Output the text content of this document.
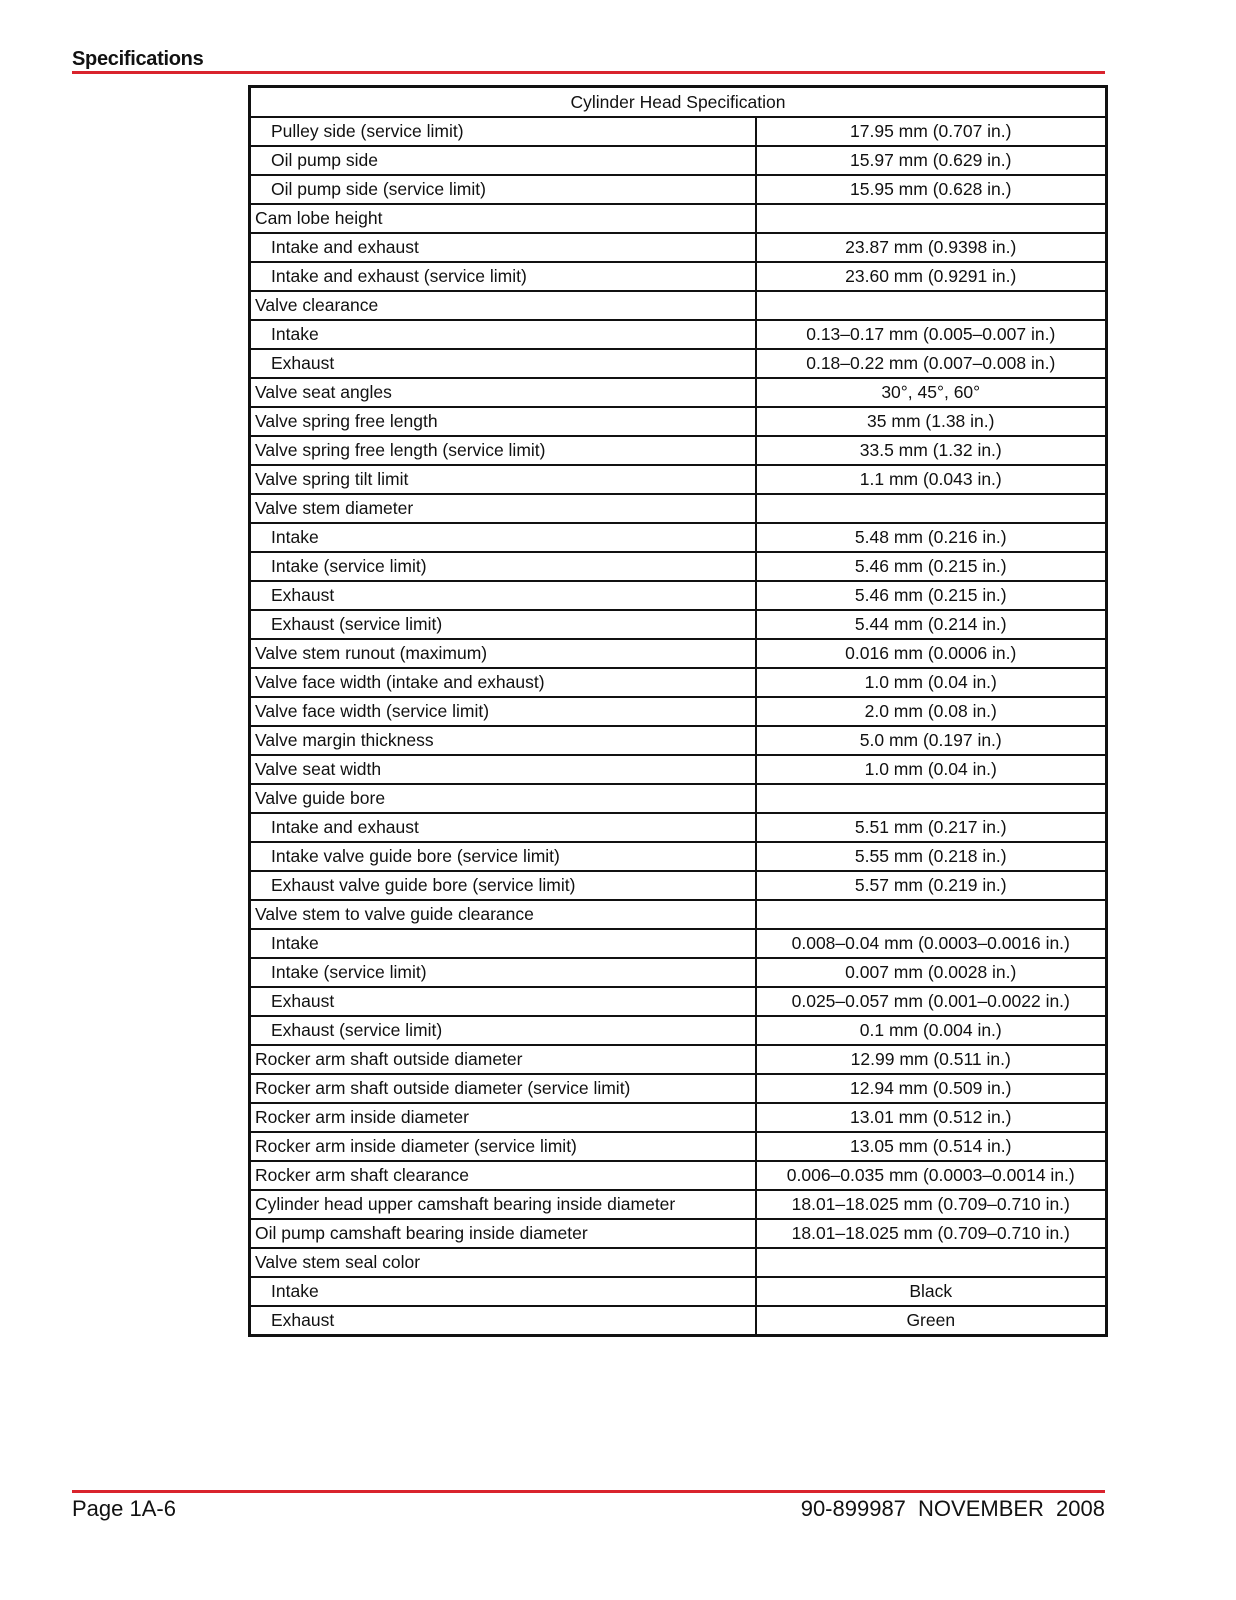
Specifications
Cylinder Head Specification	
Pulley side (service limit)	17.95 mm (0.707 in.)
Oil pump side	15.97 mm (0.629 in.)
Oil pump side (service limit)	15.95 mm (0.628 in.)
Cam lobe height	
Intake and exhaust	23.87 mm (0.9398 in.)
Intake and exhaust (service limit)	23.60 mm (0.9291 in.)
Valve clearance	
Intake	0.13–0.17 mm (0.005–0.007 in.)
Exhaust	0.18–0.22 mm (0.007–0.008 in.)
Valve seat angles	30°, 45°, 60°
Valve spring free length	35 mm (1.38 in.)
Valve spring free length (service limit)	33.5 mm (1.32 in.)
Valve spring tilt limit	1.1 mm (0.043 in.)
Valve stem diameter	
Intake	5.48 mm (0.216 in.)
Intake (service limit)	5.46 mm (0.215 in.)
Exhaust	5.46 mm (0.215 in.)
Exhaust (service limit)	5.44 mm (0.214 in.)
Valve stem runout (maximum)	0.016 mm (0.0006 in.)
Valve face width (intake and exhaust)	1.0 mm (0.04 in.)
Valve face width (service limit)	2.0 mm (0.08 in.)
Valve margin thickness	5.0 mm (0.197 in.)
Valve seat width	1.0 mm (0.04 in.)
Valve guide bore	
Intake and exhaust	5.51 mm (0.217 in.)
Intake valve guide bore (service limit)	5.55 mm (0.218 in.)
Exhaust valve guide bore (service limit)	5.57 mm (0.219 in.)
Valve stem to valve guide clearance	
Intake	0.008–0.04 mm (0.0003–0.0016 in.)
Intake (service limit)	0.007 mm (0.0028 in.)
Exhaust	0.025–0.057 mm (0.001–0.0022 in.)
Exhaust (service limit)	0.1 mm (0.004 in.)
Rocker arm shaft outside diameter	12.99 mm (0.511 in.)
Rocker arm shaft outside diameter (service limit)	12.94 mm (0.509 in.)
Rocker arm inside diameter	13.01 mm (0.512 in.)
Rocker arm inside diameter (service limit)	13.05 mm (0.514 in.)
Rocker arm shaft clearance	0.006–0.035 mm (0.0003–0.0014 in.)
Cylinder head upper camshaft bearing inside diameter	18.01–18.025 mm (0.709–0.710 in.)
Oil pump camshaft bearing inside diameter	18.01–18.025 mm (0.709–0.710 in.)
Valve stem seal color	
Intake	Black
Exhaust	Green
Page 1A-6	90-899987 NOVEMBER 2008
